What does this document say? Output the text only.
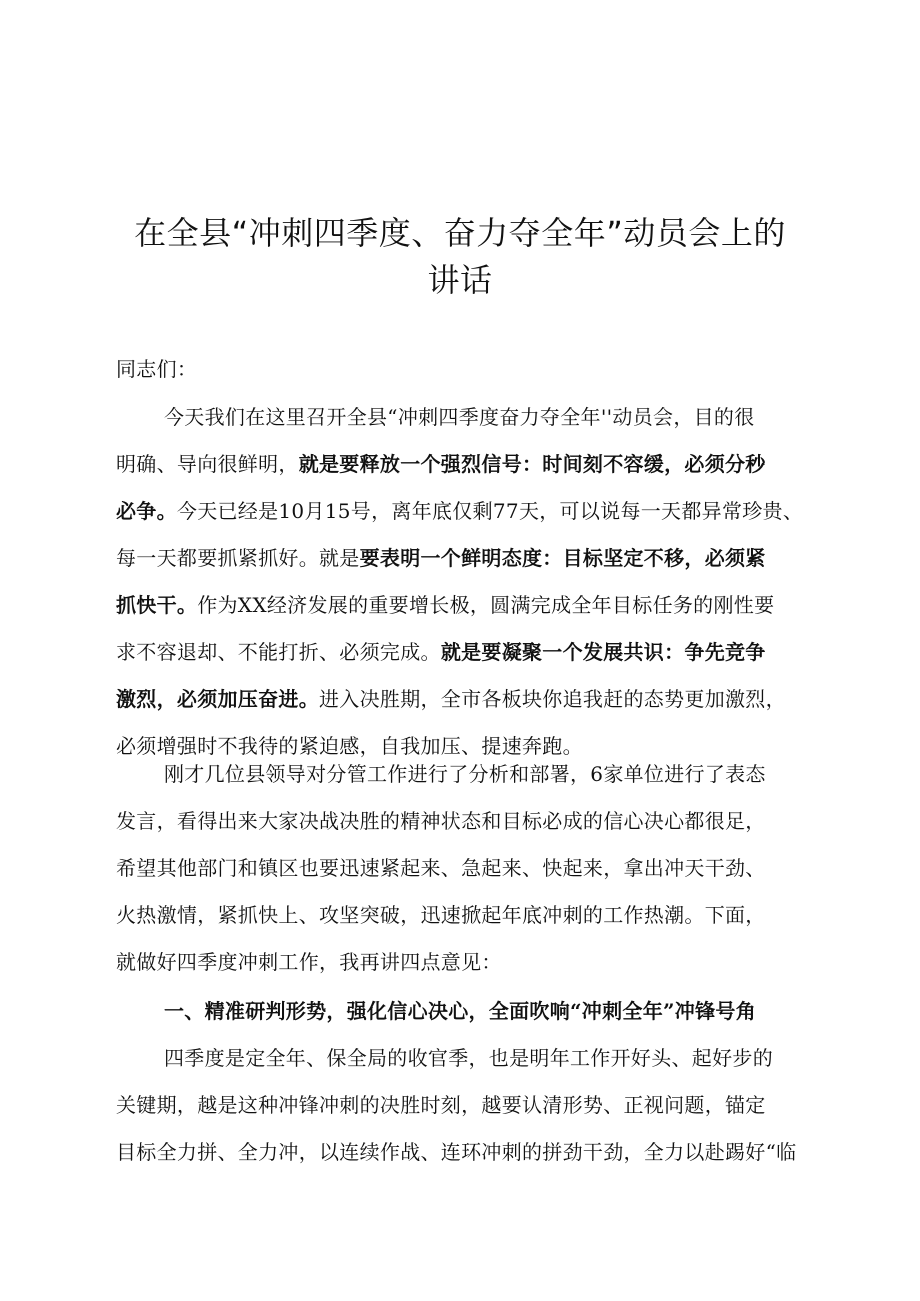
在全县“冲刺四季度、奋力夺全年”动员会上的
讲话
同志们：
今天我们在这里召开全县“冲刺四季度奋力夺全年''动员会，目的很
明确、导向很鲜明，就是要释放一个强烈信号：时间刻不容缓，必须分秒
必争。今天已经是10月15号，离年底仅剩77天，可以说每一天都异常珍贵、
每一天都要抓紧抓好。就是要表明一个鲜明态度：目标坚定不移，必须紧
抓快干。作为XX经济发展的重要增长极，圆满完成全年目标任务的刚性要
求不容退却、不能打折、必须完成。就是要凝聚一个发展共识：争先竞争
激烈，必须加压奋进。进入决胜期，全市各板块你追我赶的态势更加激烈，
必须增强时不我待的紧迫感，自我加压、提速奔跑。
刚才几位县领导对分管工作进行了分析和部署，6家单位进行了表态
发言，看得出来大家决战决胜的精神状态和目标必成的信心决心都很足，
希望其他部门和镇区也要迅速紧起来、急起来、快起来，拿出冲天干劲、
火热激情，紧抓快上、攻坚突破，迅速掀起年底冲刺的工作热潮。下面，
就做好四季度冲刺工作，我再讲四点意见：
一、精准研判形势，强化信心决心，全面吹响“冲刺全年”冲锋号角
四季度是定全年、保全局的收官季，也是明年工作开好头、起好步的
关键期，越是这种冲锋冲刺的决胜时刻，越要认清形势、正视问题，锚定
目标全力拼、全力冲，以连续作战、连环冲刺的拼劲干劲，全力以赴踢好“临
